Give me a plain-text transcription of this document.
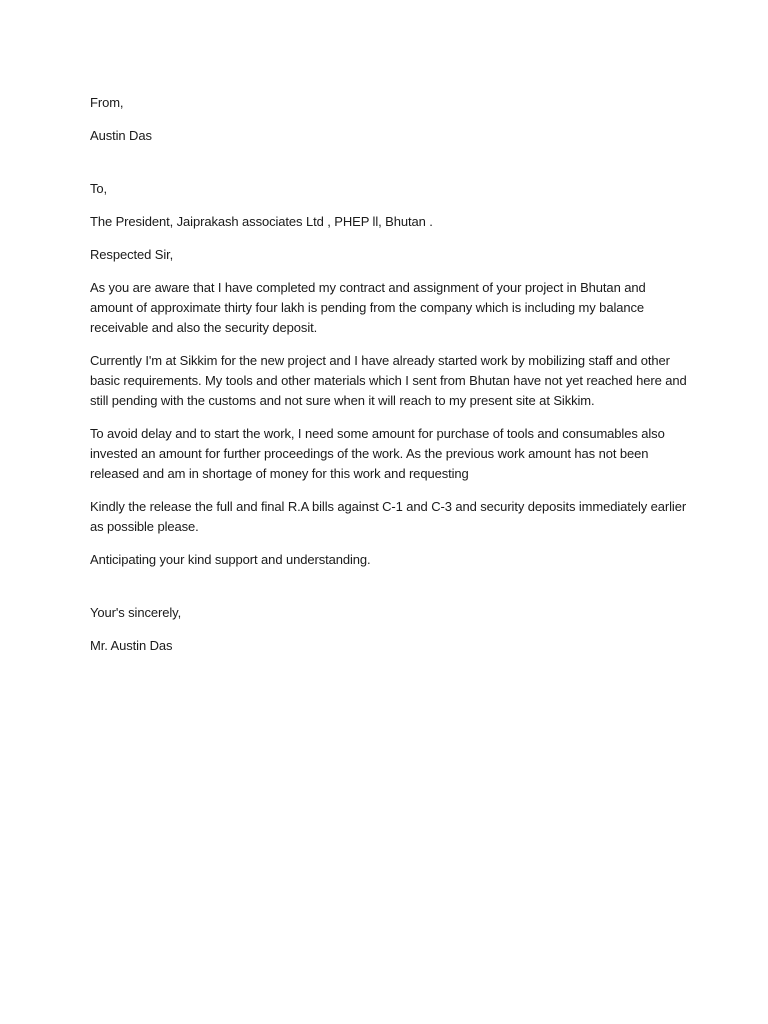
From,

Austin Das

To,

The President, Jaiprakash associates Ltd , PHEP ll, Bhutan .

Respected Sir,

As you are aware that I have completed my contract and assignment of your project in Bhutan and amount of approximate thirty four lakh is pending from the company which is including my balance receivable and also the security deposit.

Currently I'm at Sikkim for the new project and I have already started work by mobilizing staff and other basic requirements. My tools and other materials which I sent from Bhutan have not yet reached here and still pending with the customs and not sure when it will reach to my present site at Sikkim.

To avoid delay and to start the work, I need some amount for purchase of tools and consumables also invested an amount for further proceedings of the work. As the previous work amount has not been released and am in shortage of money for this work and requesting

Kindly the release the full and final R.A bills against C-1 and C-3 and security deposits immediately earlier as possible please.

Anticipating your kind support and understanding.

Your's sincerely,

Mr. Austin Das
